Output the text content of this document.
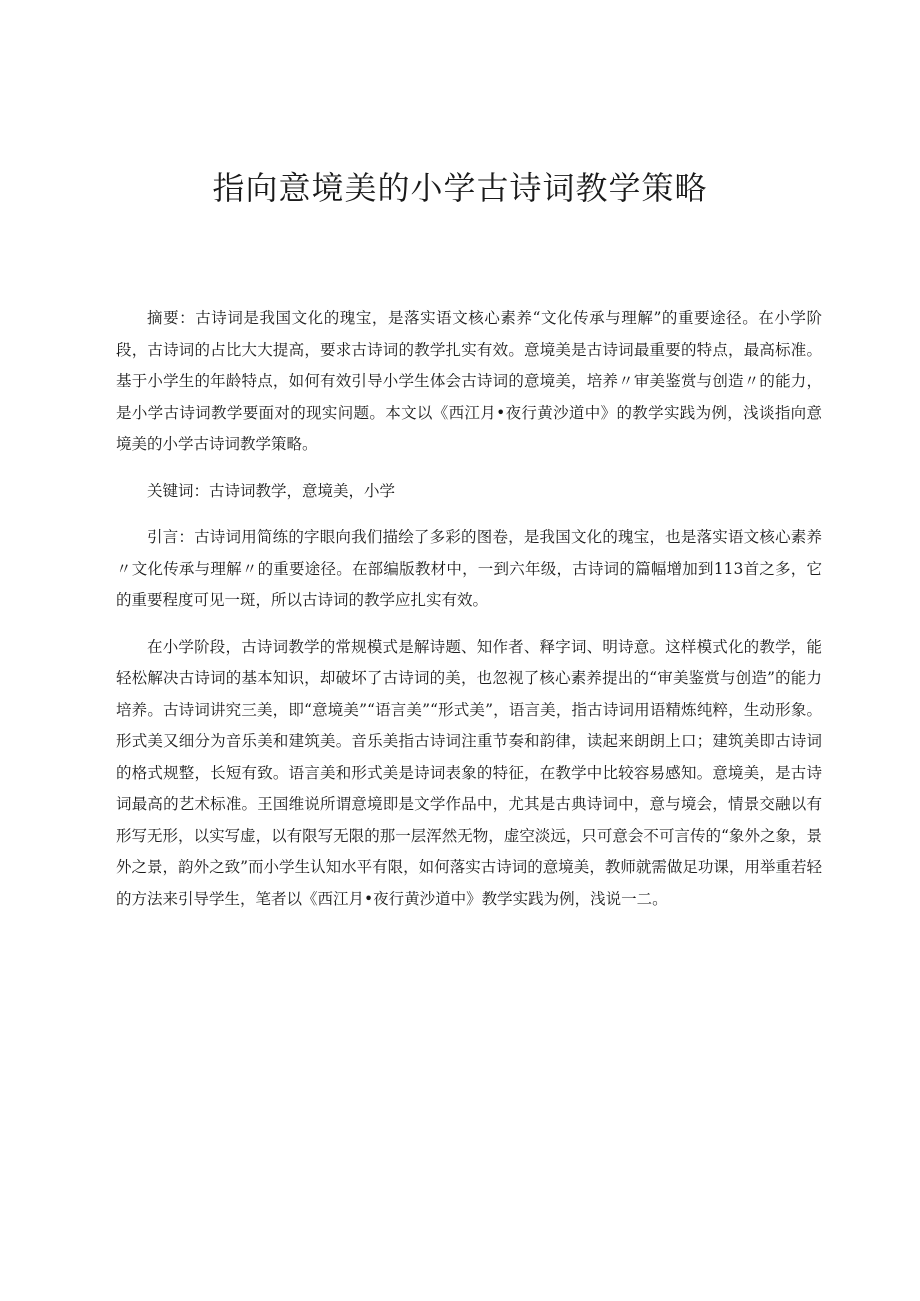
指向意境美的小学古诗词教学策略

摘要：古诗词是我国文化的瑰宝，是落实语文核心素养“文化传承与理解”的重要途径。在小学阶段，古诗词的占比大大提高，要求古诗词的教学扎实有效。意境美是古诗词最重要的特点，最高标准。基于小学生的年龄特点，如何有效引导小学生体会古诗词的意境美，培养〃审美鉴赏与创造〃的能力，是小学古诗词教学要面对的现实问题。本文以《西江月•夜行黄沙道中》的教学实践为例，浅谈指向意境美的小学古诗词教学策略。

关键词：古诗词教学，意境美，小学

引言：古诗词用简练的字眼向我们描绘了多彩的图卷，是我国文化的瑰宝，也是落实语文核心素养〃文化传承与理解〃的重要途径。在部编版教材中，一到六年级，古诗词的篇幅增加到113首之多，它的重要程度可见一斑，所以古诗词的教学应扎实有效。

在小学阶段，古诗词教学的常规模式是解诗题、知作者、释字词、明诗意。这样模式化的教学，能轻松解决古诗词的基本知识，却破坏了古诗词的美，也忽视了核心素养提出的“审美鉴赏与创造”的能力培养。古诗词讲究三美，即“意境美”“语言美”“形式美”，语言美，指古诗词用语精炼纯粹，生动形象。形式美又细分为音乐美和建筑美。音乐美指古诗词注重节奏和韵律，读起来朗朗上口；建筑美即古诗词的格式规整，长短有致。语言美和形式美是诗词表象的特征，在教学中比较容易感知。意境美，是古诗词最高的艺术标准。王国维说所谓意境即是文学作品中，尤其是古典诗词中，意与境会，情景交融以有形写无形，以实写虚，以有限写无限的那一层浑然无物，虚空淡远，只可意会不可言传的“象外之象，景外之景，韵外之致”而小学生认知水平有限，如何落实古诗词的意境美，教师就需做足功课，用举重若轻的方法来引导学生，笔者以《西江月•夜行黄沙道中》教学实践为例，浅说一二。
